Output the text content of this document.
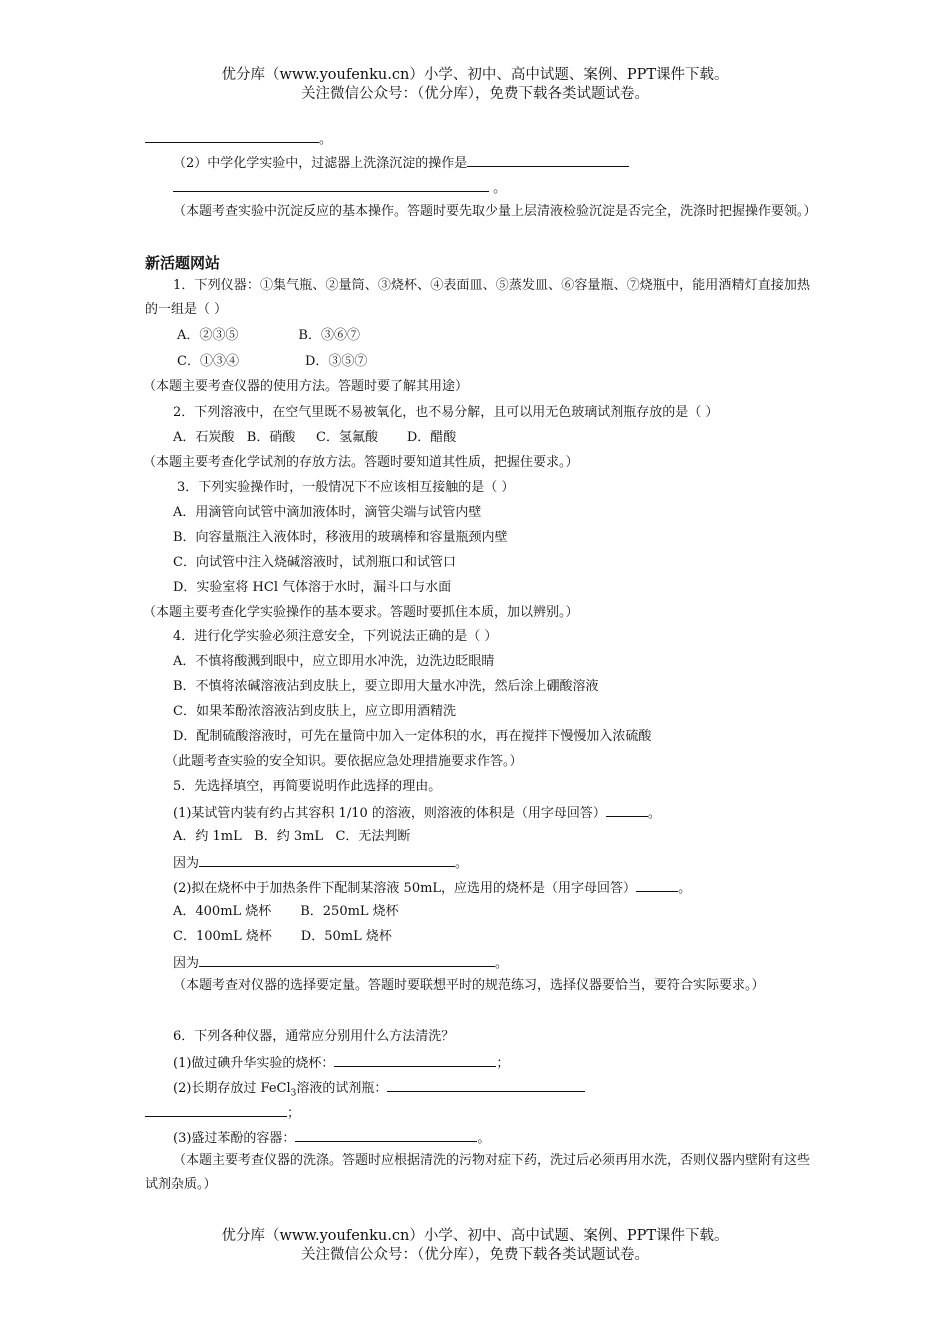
优分库（www.youfenku.cn）小学、初中、高中试题、案例、PPT课件下载。
关注微信公众号：（优分库），免费下载各类试题试卷。
。
（2）中学化学实验中，过滤器上洗涤沉淀的操作是
。
（本题考查实验中沉淀反应的基本操作。答题时要先取少量上层清液检验沉淀是否完全，洗涤时把握操作要领。）
新活题网站
1．下列仪器：①集气瓶、②量筒、③烧杯、④表面皿、⑤蒸发皿、⑥容量瓶、⑦烧瓶中，能用酒精灯直接加热的一组是（ ）
A．②③⑤	B．③⑥⑦
C．①③④	D．③⑤⑦
（本题主要考查仪器的使用方法。答题时要了解其用途）
2．下列溶液中，在空气里既不易被氧化，也不易分解，且可以用无色玻璃试剂瓶存放的是（ ）
A．石炭酸   B．硝酸     C．氢氟酸       D．醋酸
（本题主要考查化学试剂的存放方法。答题时要知道其性质，把握住要求。）
3．下列实验操作时，一般情况下不应该相互接触的是（ ）
A．用滴管向试管中滴加液体时，滴管尖端与试管内壁
B．向容量瓶注入液体时，移液用的玻璃棒和容量瓶颈内壁
C．向试管中注入烧碱溶液时，试剂瓶口和试管口
D．实验室将 HCl 气体溶于水时，漏斗口与水面
（本题主要考查化学实验操作的基本要求。答题时要抓住本质，加以辨别。）
4．进行化学实验必须注意安全，下列说法正确的是（ ）
A．不慎将酸溅到眼中，应立即用水冲洗，边洗边眨眼睛
B．不慎将浓碱溶液沾到皮肤上，要立即用大量水冲洗，然后涂上硼酸溶液
C．如果苯酚浓溶液沾到皮肤上，应立即用酒精洗
D．配制硫酸溶液时，可先在量筒中加入一定体积的水，再在搅拌下慢慢加入浓硫酸
（此题考查实验的安全知识。要依据应急处理措施要求作答。）
5．先选择填空，再简要说明作此选择的理由。
(1)某试管内装有约占其容积 1/10 的溶液，则溶液的体积是（用字母回答）	。
A．约 1mL   B．约 3mL   C．无法判断
因为	。
(2)拟在烧杯中于加热条件下配制某溶液 50mL，应选用的烧杯是（用字母回答）	。
A．400mL 烧杯       B．250mL 烧杯
C．100mL 烧杯       D．50mL 烧杯
因为	。
（本题考查对仪器的选择要定量。答题时要联想平时的规范练习，选择仪器要恰当，要符合实际要求。）
6．下列各种仪器，通常应分别用什么方法清洗？
(1)做过碘升华实验的烧杯：	；
(2)长期存放过 FeCl$_3$溶液的试剂瓶：
；
(3)盛过苯酚的容器：	。
（本题主要考查仪器的洗涤。答题时应根据清洗的污物对症下药，洗过后必须再用水洗，否则仪器内壁附有这些试剂杂质。）
优分库（www.youfenku.cn）小学、初中、高中试题、案例、PPT课件下载。
关注微信公众号：（优分库），免费下载各类试题试卷。
